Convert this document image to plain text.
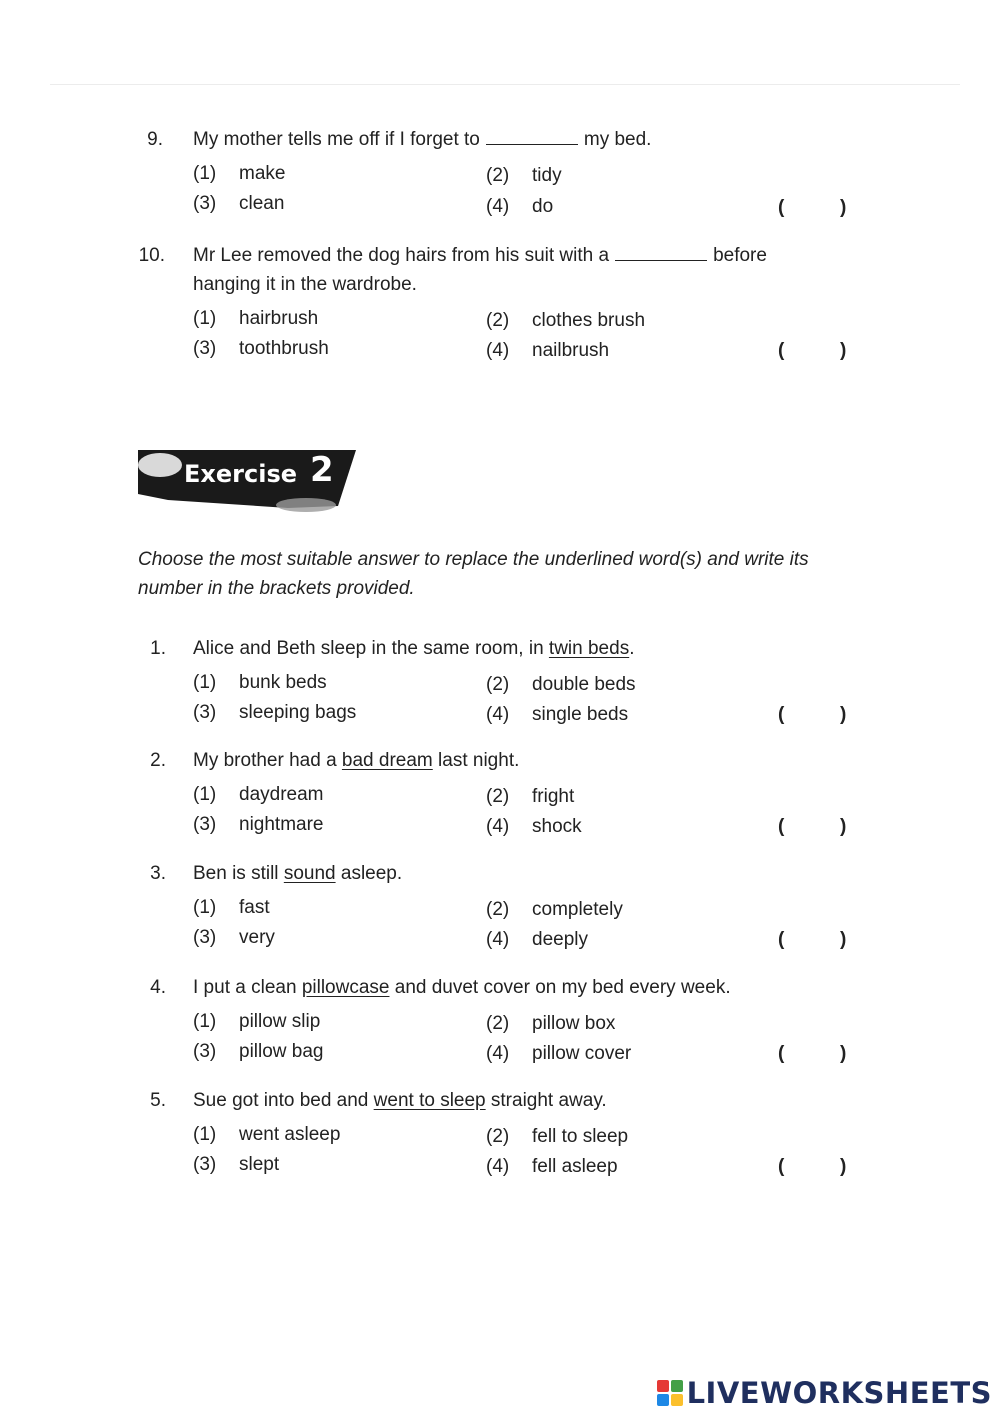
9. My mother tells me off if I forget to	my bed.
(1) make	(2) tidy
(3) clean	(4) do	(	)
10. Mr Lee removed the dog hairs from his suit with a	before
hanging it in the wardrobe.
(1) hairbrush	(2) clothes brush
(3) toothbrush	(4) nailbrush	(	)
Exercise 2
Choose the most suitable answer to replace the underlined word(s) and write its number in the brackets provided.
1. Alice and Beth sleep in the same room, in twin beds.
(1) bunk beds	(2) double beds
(3) sleeping bags	(4) single beds	(	)
2. My brother had a bad dream last night.
(1) daydream	(2) fright
(3) nightmare	(4) shock	(	)
3. Ben is still sound asleep.
(1) fast	(2) completely
(3) very	(4) deeply	(	)
4. I put a clean pillowcase and duvet cover on my bed every week.
(1) pillow slip	(2) pillow box
(3) pillow bag	(4) pillow cover	(	)
5. Sue got into bed and went to sleep straight away.
(1) went asleep	(2) fell to sleep
(3) slept	(4) fell asleep	(	)
LIVEWORKSHEETS
